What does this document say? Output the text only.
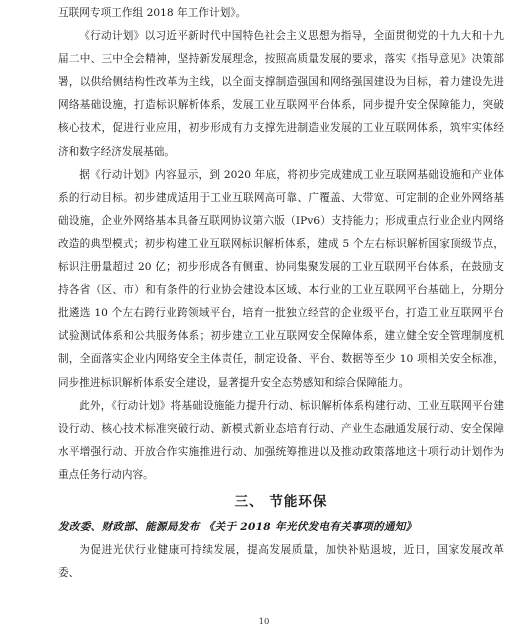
互联网专项工作组 2018 年工作计划》。

《行动计划》以习近平新时代中国特色社会主义思想为指导，全面贯彻党的十九大和十九届二中、三中全会精神，坚持新发展理念，按照高质量发展的要求，落实《指导意见》决策部署，以供给侧结构性改革为主线，以全面支撑制造强国和网络强国建设为目标，着力建设先进网络基础设施，打造标识解析体系，发展工业互联网平台体系，同步提升安全保障能力，突破核心技术，促进行业应用，初步形成有力支撑先进制造业发展的工业互联网体系，筑牢实体经济和数字经济发展基础。

据《行动计划》内容显示，到 2020 年底，将初步完成建成工业互联网基础设施和产业体系的行动目标。初步建成适用于工业互联网高可靠、广覆盖、大带宽、可定制的企业外网络基础设施，企业外网络基本具备互联网协议第六版（IPv6）支持能力；形成重点行业企业内网络改造的典型模式；初步构建工业互联网标识解析体系，建成 5 个左右标识解析国家顶级节点，标识注册量超过 20 亿；初步形成各有侧重、协同集聚发展的工业互联网平台体系，在鼓励支持各省（区、市）和有条件的行业协会建设本区域、本行业的工业互联网平台基础上，分期分批遴选 10 个左右跨行业跨领域平台，培育一批独立经营的企业级平台，打造工业互联网平台试验测试体系和公共服务体系；初步建立工业互联网安全保障体系，建立健全安全管理制度机制，全面落实企业内网络安全主体责任，制定设备、平台、数据等至少 10 项相关安全标准，同步推进标识解析体系安全建设，显著提升安全态势感知和综合保障能力。

此外，《行动计划》将基础设施能力提升行动、标识解析体系构建行动、工业互联网平台建设行动、核心技术标准突破行动、新模式新业态培育行动、产业生态融通发展行动、安全保障水平增强行动、开放合作实施推进行动、加强统筹推进以及推动政策落地这十项行动计划作为重点任务行动内容。

三、 节能环保

发改委、财政部、能源局发布 《关于 2018 年光伏发电有关事项的通知》

为促进光伏行业健康可持续发展，提高发展质量，加快补贴退坡，近日，国家发展改革委、

10
